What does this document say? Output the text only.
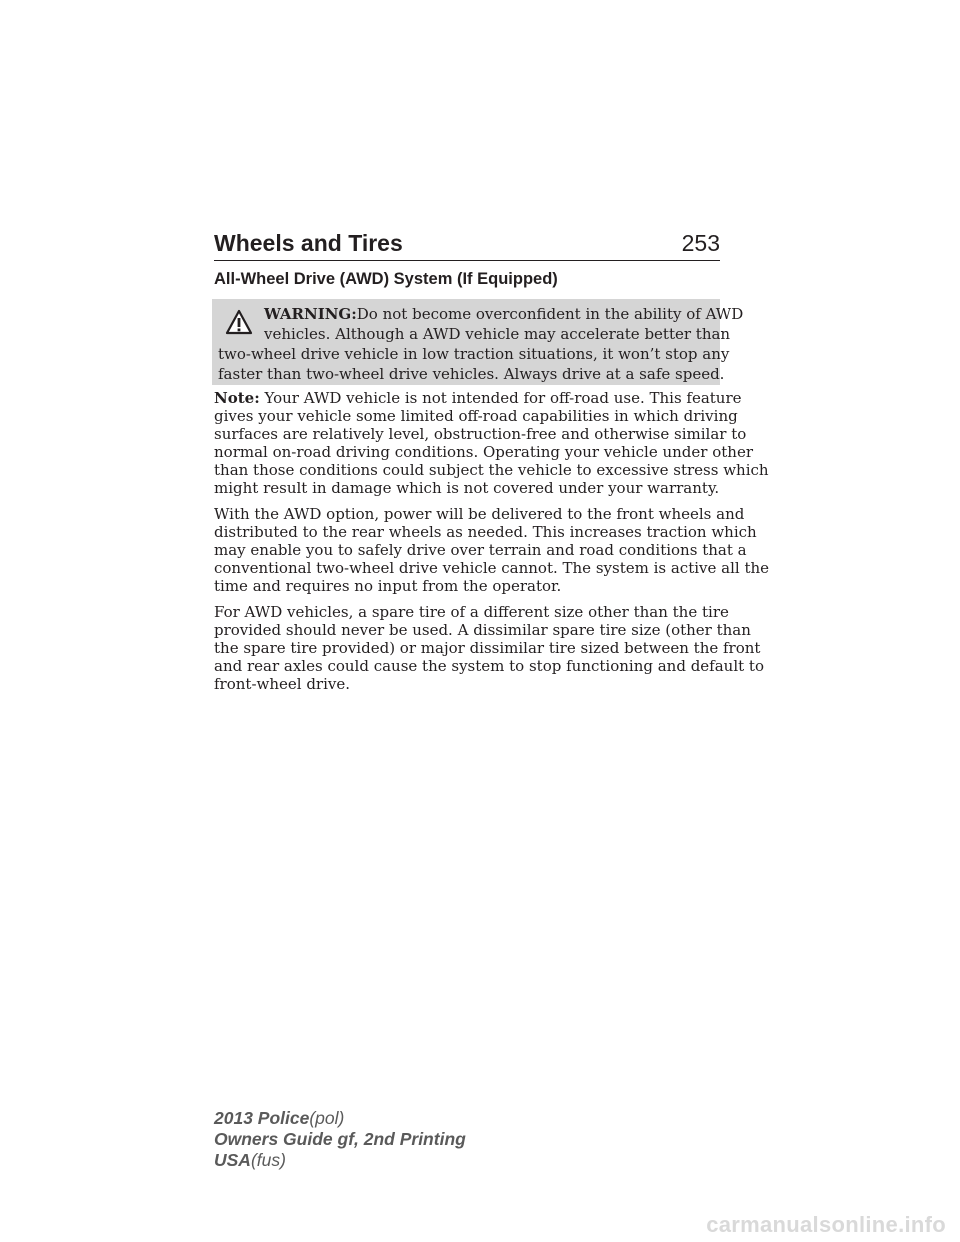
Wheels and Tires	253
All-Wheel Drive (AWD) System (If Equipped)
WARNING:Do not become overconfident in the ability of AWD
vehicles. Although a AWD vehicle may accelerate better than
two-wheel drive vehicle in low traction situations, it won’t stop any
faster than two-wheel drive vehicles. Always drive at a safe speed.
Note: Your AWD vehicle is not intended for off-road use. This feature
gives your vehicle some limited off-road capabilities in which driving
surfaces are relatively level, obstruction-free and otherwise similar to
normal on-road driving conditions. Operating your vehicle under other
than those conditions could subject the vehicle to excessive stress which
might result in damage which is not covered under your warranty.
With the AWD option, power will be delivered to the front wheels and
distributed to the rear wheels as needed. This increases traction which
may enable you to safely drive over terrain and road conditions that a
conventional two-wheel drive vehicle cannot. The system is active all the
time and requires no input from the operator.
For AWD vehicles, a spare tire of a different size other than the tire
provided should never be used. A dissimilar spare tire size (other than
the spare tire provided) or major dissimilar tire sized between the front
and rear axles could cause the system to stop functioning and default to
front-wheel drive.
2013 Police(pol)
Owners Guide gf, 2nd Printing
USA(fus)
carmanualsonline.info
